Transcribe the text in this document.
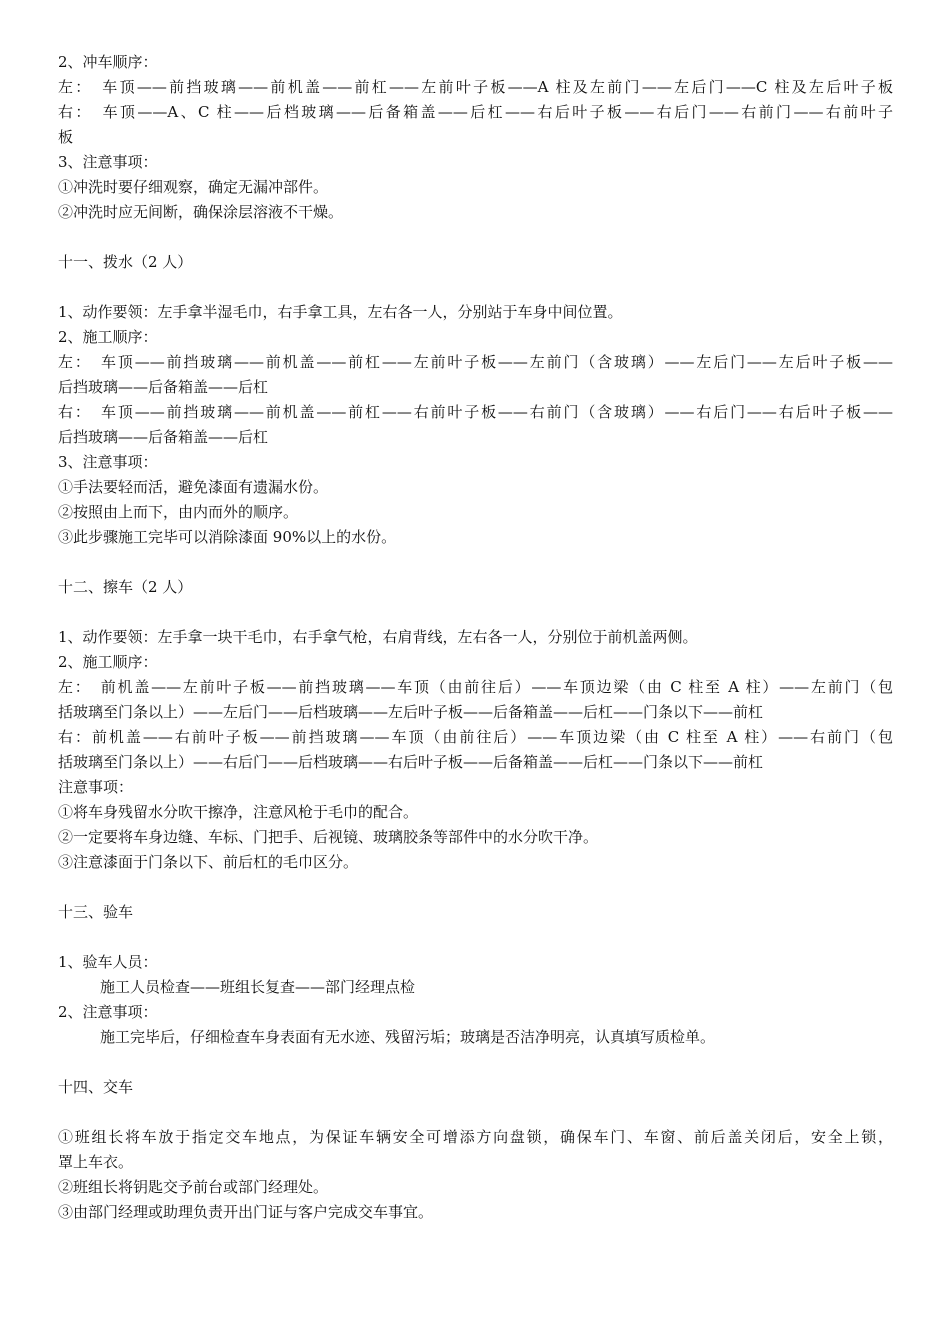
2、冲车顺序：
左：　车顶——前挡玻璃——前机盖——前杠——左前叶子板——A 柱及左前门——左后门——C 柱及左后叶子板
右：　车顶——A、C 柱——后档玻璃——后备箱盖——后杠——右后叶子板——右后门——右前门——右前叶子
板
3、注意事项：
①冲洗时要仔细观察，确定无漏冲部件。
②冲洗时应无间断，确保涂层溶液不干燥。
十一、拨水（2 人）
1、动作要领：左手拿半湿毛巾，右手拿工具，左右各一人，分别站于车身中间位置。
2、施工顺序：
左：　车顶——前挡玻璃——前机盖——前杠——左前叶子板——左前门（含玻璃）——左后门——左后叶子板——
后挡玻璃——后备箱盖——后杠
右：　车顶——前挡玻璃——前机盖——前杠——右前叶子板——右前门（含玻璃）——右后门——右后叶子板——
后挡玻璃——后备箱盖——后杠
3、注意事项：
①手法要轻而活，避免漆面有遗漏水份。
②按照由上而下，由内而外的顺序。
③此步骤施工完毕可以消除漆面 90%以上的水份。
十二、擦车（2 人）
1、动作要领：左手拿一块干毛巾，右手拿气枪，右肩背线，左右各一人，分别位于前机盖两侧。
2、施工顺序：
左：　前机盖——左前叶子板——前挡玻璃——车顶（由前往后）——车顶边梁（由 C 柱至 A 柱）——左前门（包
括玻璃至门条以上）——左后门——后档玻璃——左后叶子板——后备箱盖——后杠——门条以下——前杠
右：前机盖——右前叶子板——前挡玻璃——车顶（由前往后）——车顶边梁（由 C 柱至 A 柱）——右前门（包
括玻璃至门条以上）——右后门——后档玻璃——右后叶子板——后备箱盖——后杠——门条以下——前杠
注意事项：
①将车身残留水分吹干擦净，注意风枪于毛巾的配合。
②一定要将车身边缝、车标、门把手、后视镜、玻璃胶条等部件中的水分吹干净。
③注意漆面于门条以下、前后杠的毛巾区分。
十三、验车
1、验车人员：
施工人员检查——班组长复查——部门经理点检
2、注意事项：
施工完毕后，仔细检查车身表面有无水迹、残留污垢；玻璃是否洁净明亮，认真填写质检单。
十四、交车
①班组长将车放于指定交车地点，为保证车辆安全可增添方向盘锁，确保车门、车窗、前后盖关闭后，安全上锁，
罩上车衣。
②班组长将钥匙交予前台或部门经理处。
③由部门经理或助理负责开出门证与客户完成交车事宜。
